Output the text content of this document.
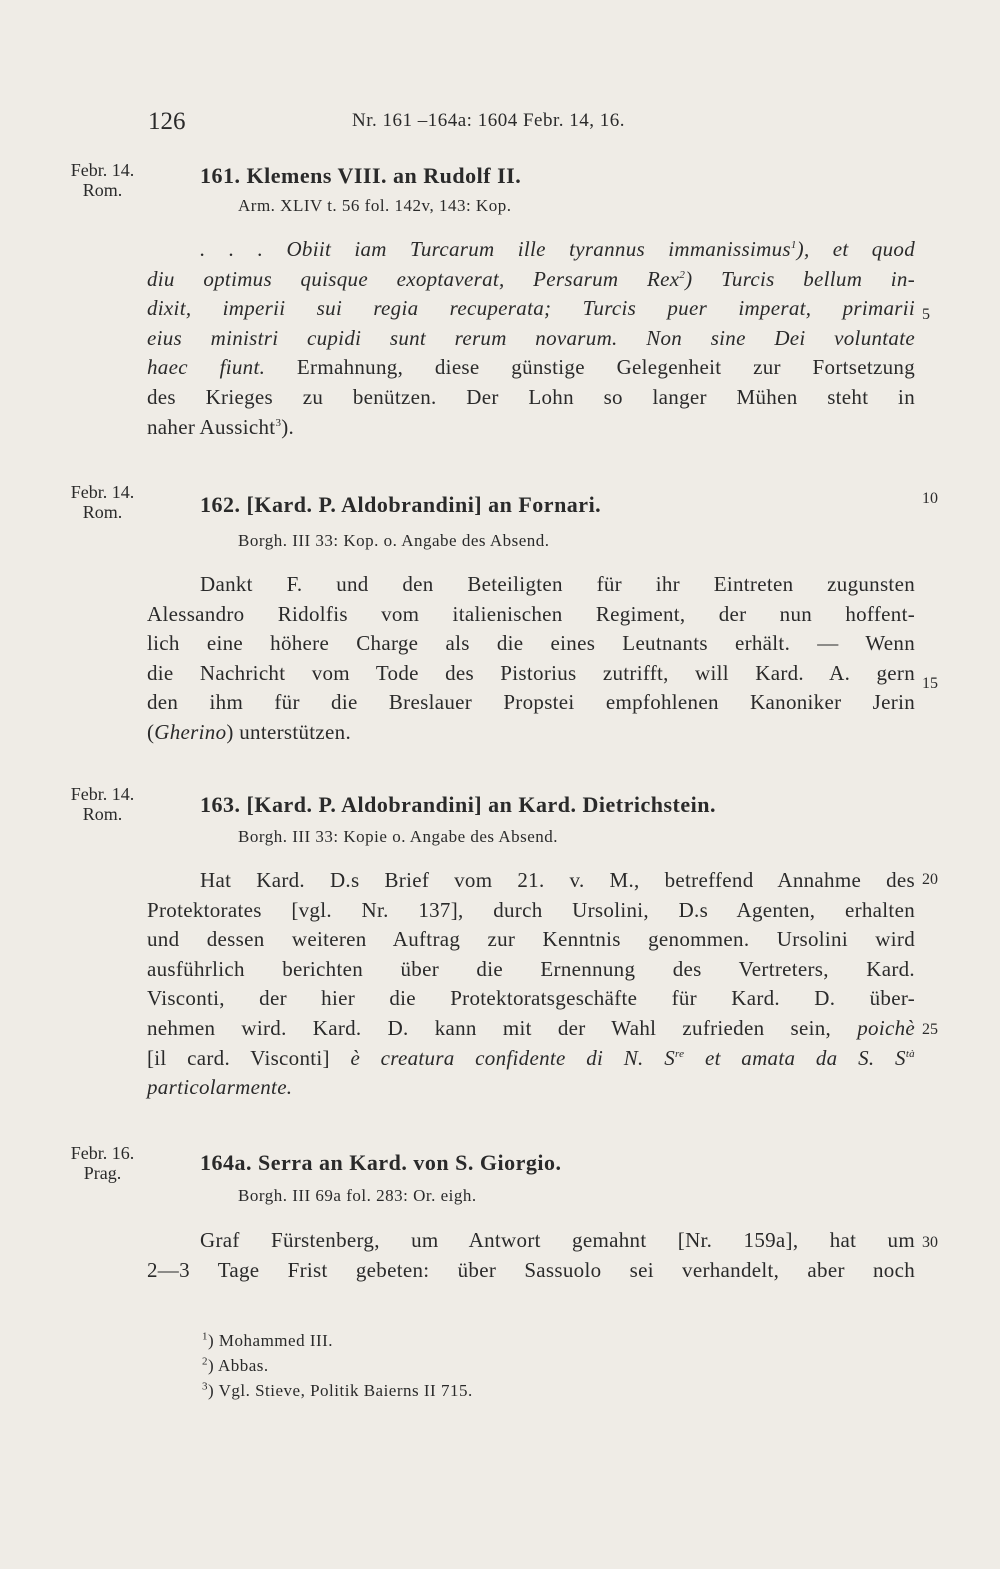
126	Nr. 161 –164a: 1604 Febr. 14, 16.
Febr. 14.
Rom.
161. Klemens VIII. an Rudolf II.
Arm. XLIV t. 56 fol. 142v, 143: Kop.
. . . Obiit iam Turcarum ille tyrannus immanissimus$^1$), et quod
diu optimus quisque exoptaverat, Persarum Rex$^2$) Turcis bellum in-
dixit, imperii sui regia recuperata; Turcis puer imperat, primarii
eius ministri cupidi sunt rerum novarum. Non sine Dei voluntate
haec fiunt. Ermahnung, diese günstige Gelegenheit zur Fortsetzung
des Krieges zu benützen. Der Lohn so langer Mühen steht in
naher Aussicht$^3$).
Febr. 14.
Rom.	162. [Kard. P. Aldobrandini] an Fornari.
Borgh. III 33: Kop. o. Angabe des Absend.
Dankt F. und den Beteiligten für ihr Eintreten zugunsten
Alessandro Ridolfis vom italienischen Regiment, der nun hoffent-
lich eine höhere Charge als die eines Leutnants erhält. — Wenn
die Nachricht vom Tode des Pistorius zutrifft, will Kard. A. gern
den ihm für die Breslauer Propstei empfohlenen Kanoniker Jerin
(Gherino) unterstützen.
Febr. 14.
Rom.	163. [Kard. P. Aldobrandini] an Kard. Dietrichstein.
Borgh. III 33: Kopie o. Angabe des Absend.
Hat Kard. D.s Brief vom 21. v. M., betreffend Annahme des
Protektorates [vgl. Nr. 137], durch Ursolini, D.s Agenten, erhalten
und dessen weiteren Auftrag zur Kenntnis genommen. Ursolini wird
ausführlich berichten über die Ernennung des Vertreters, Kard.
Visconti, der hier die Protektoratsgeschäfte für Kard. D. über-
nehmen wird. Kard. D. kann mit der Wahl zufrieden sein, poichè
[il card. Visconti] è creatura confidente di N. $S^{re}$ et amata da S. $S^{tà}$
particolarmente.
Febr. 16.
Prag.	164a. Serra an Kard. von S. Giorgio.
Borgh. III 69a fol. 283: Or. eigh.
Graf Fürstenberg, um Antwort gemahnt [Nr. 159a], hat um
2—3 Tage Frist gebeten: über Sassuolo sei verhandelt, aber noch
5
10
15
20
25
30
$^1$) Mohammed III.
$^2$) Abbas.
$^3$) Vgl. Stieve, Politik Baierns II 715.
